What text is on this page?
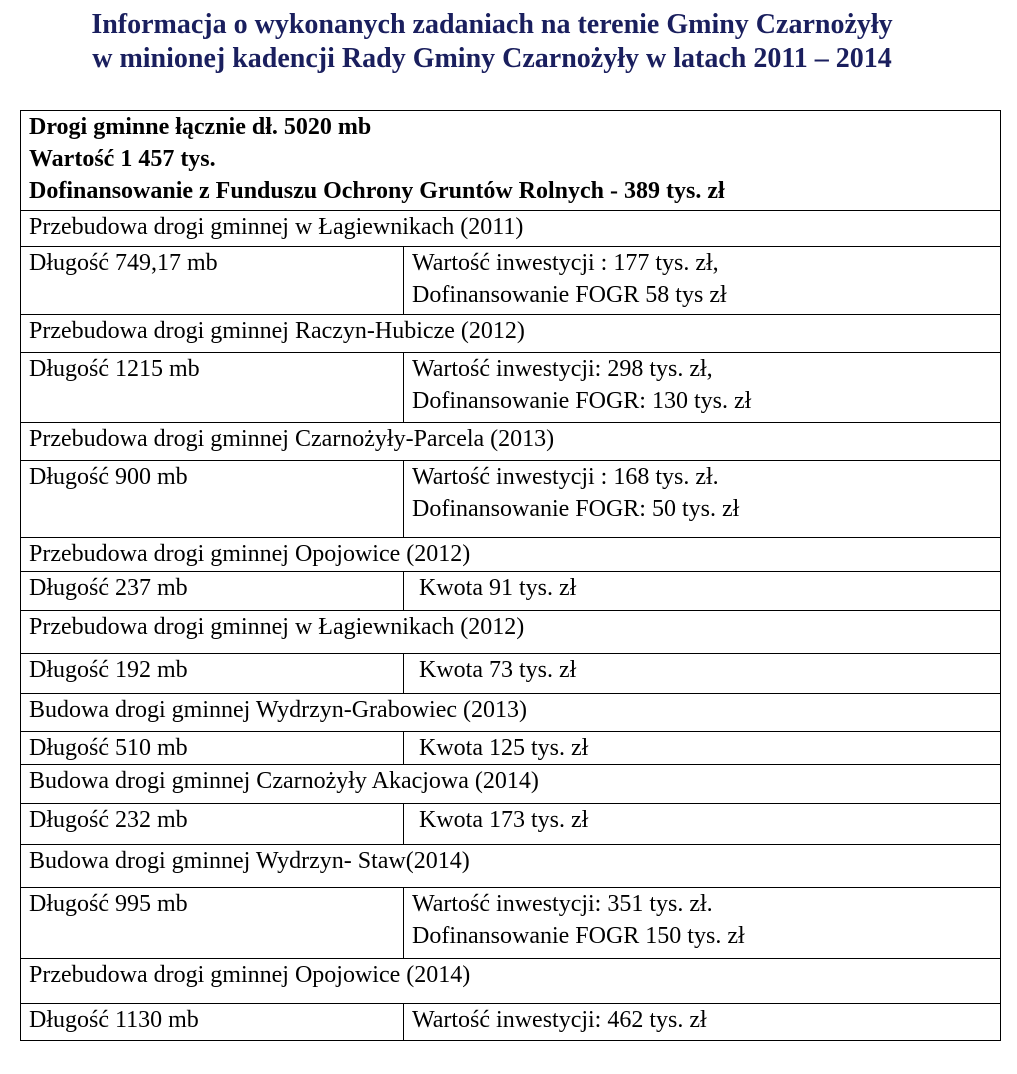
Informacja o wykonanych zadaniach na terenie Gminy Czarnożyły
w minionej kadencji Rady Gminy Czarnożyły w latach 2011 – 2014
Drogi gminne łącznie dł. 5020 mb
Wartość 1 457 tys.
Dofinansowanie z Funduszu Ochrony Gruntów Rolnych - 389 tys. zł	

Przebudowa drogi gminnej w Łagiewnikach (2011)	
Długość 749,17 mb	Wartość inwestycji : 177 tys. zł,
Dofinansowanie FOGR 58 tys zł

Przebudowa drogi gminnej Raczyn-Hubicze (2012)	
Długość 1215 mb	Wartość inwestycji: 298 tys. zł,
Dofinansowanie FOGR: 130 tys. zł

Przebudowa drogi gminnej Czarnożyły-Parcela (2013)	
Długość 900 mb	Wartość inwestycji : 168 tys. zł.
Dofinansowanie FOGR: 50 tys. zł

Przebudowa drogi gminnej Opojowice (2012)	
Długość 237 mb	Kwota 91 tys. zł

Przebudowa drogi gminnej w Łagiewnikach (2012)	
Długość 192 mb	Kwota 73 tys. zł

Budowa drogi gminnej Wydrzyn-Grabowiec (2013)	
Długość 510 mb	Kwota 125 tys. zł

Budowa drogi gminnej Czarnożyły Akacjowa (2014)	
Długość 232 mb	Kwota 173 tys. zł

Budowa drogi gminnej Wydrzyn- Staw(2014)	
Długość 995 mb	Wartość inwestycji: 351 tys. zł.
Dofinansowanie FOGR 150 tys. zł

Przebudowa drogi gminnej Opojowice (2014)	
Długość 1130 mb	Wartość inwestycji: 462 tys. zł
